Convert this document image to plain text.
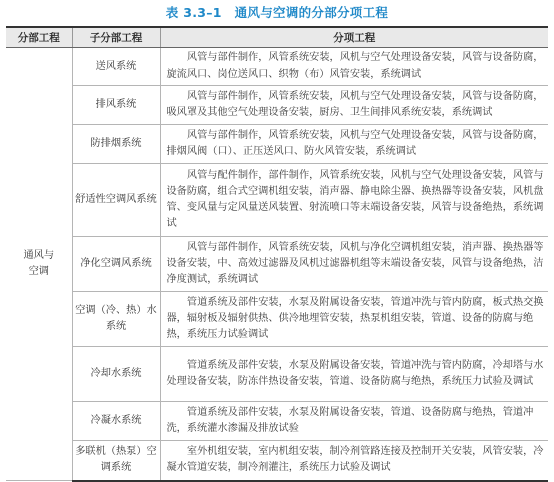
表 3.3–1　通风与空调的分部分项工程
分部工程	子分部工程	分项工程
通风与
空调	送风系统	风管与部件制作，风管系统安装，风机与空气处理设备安装，风管与设备防腐，旋流风口、岗位送风口、织物（布）风管安装，系统调试
	排风系统	风管与部件制作，风管系统安装，风机与空气处理设备安装，风管与设备防腐，吸风罩及其他空气处理设备安装，厨房、卫生间排风系统安装，系统调试
	防排烟系统	风管与部件制作，风管系统安装，风机与空气处理设备安装，风管与设备防腐，排烟风阀（口）、正压送风口、防火风管安装，系统调试
	舒适性空调风系统	风管与配件制作，部件制作，风管系统安装，风机与空气处理设备安装，风管与设备防腐，组合式空调机组安装，消声器、静电除尘器、换热器等设备安装，风机盘管、变风量与定风量送风装置、射流喷口等末端设备安装，风管与设备绝热，系统调试
	净化空调风系统	风管与部件制作，风管系统安装，风机与净化空调机组安装，消声器、换热器等设备安装，中、高效过滤器及风机过滤器机组等末端设备安装，风管与设备绝热，洁净度测试，系统调试
	空调（冷、热）水系统	管道系统及部件安装，水泵及附属设备安装，管道冲洗与管内防腐，板式热交换器，辐射板及辐射供热、供冷地埋管安装，热泵机组安装，管道、设备的防腐与绝热，系统压力试验调试
	冷却水系统	管道系统及部件安装，水泵及附属设备安装，管道冲洗与管内防腐，冷却塔与水处理设备安装，防冻伴热设备安装，管道、设备防腐与绝热，系统压力试验及调试
	冷凝水系统	管道系统及部件安装，水泵及附属设备安装，管道、设备防腐与绝热，管道冲洗，系统灌水渗漏及排放试验
	多联机（热泵）空调系统	室外机组安装，室内机组安装，制冷剂管路连接及控制开关安装，风管安装，冷凝水管道安装，制冷剂灌注，系统压力试验及调试
